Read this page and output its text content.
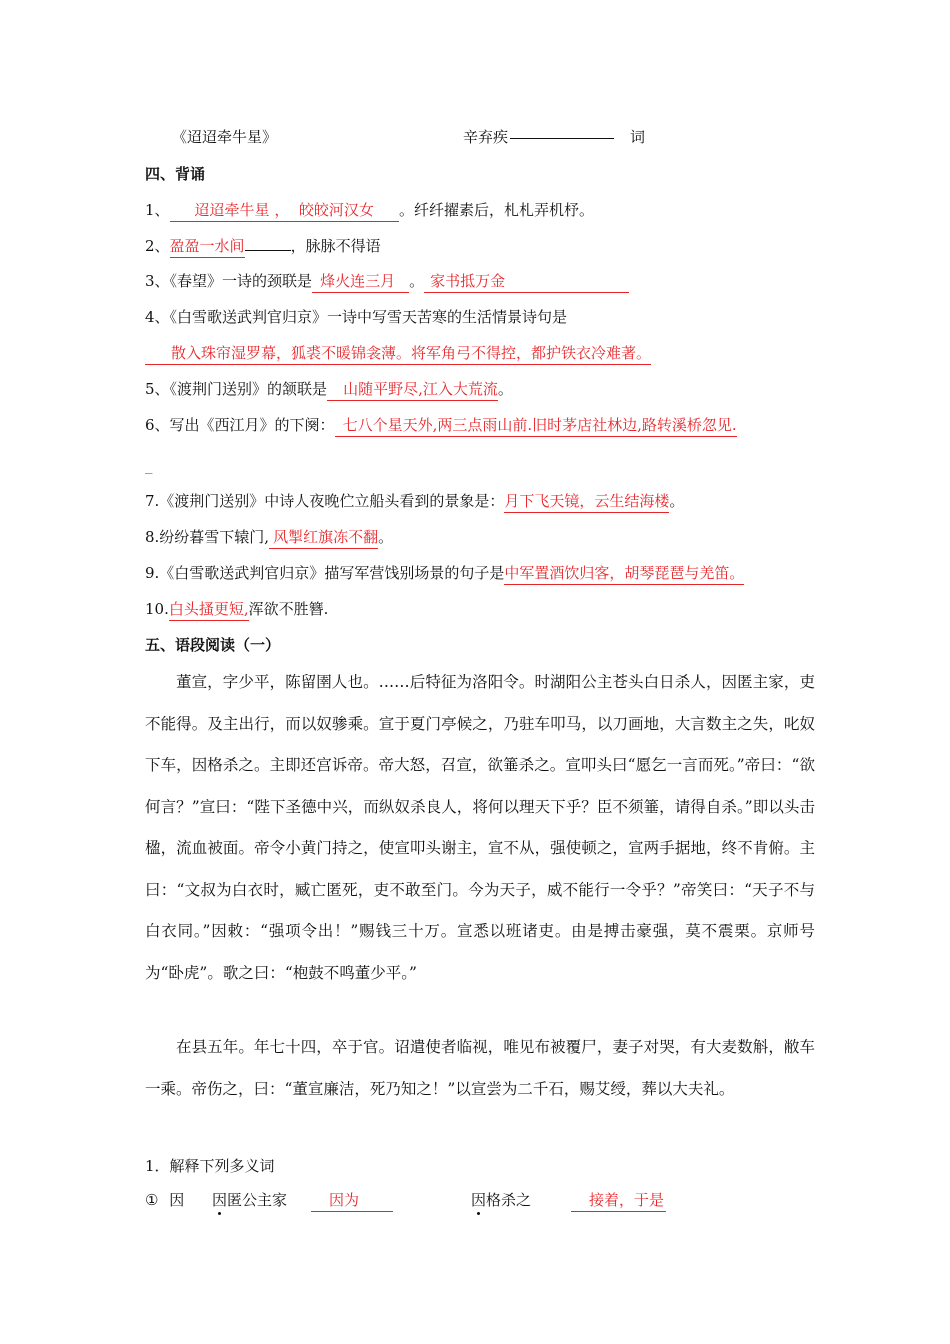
《迢迢牵牛星》	辛弃疾	词
四、背诵
1、 迢迢牵牛星 ， 皎皎河汉女 。纤纤擢素后，札札弄机杼。
2、盈盈一水间	，脉脉不得语
3、《春望》一诗的颈联是 烽火连三月 。 家书抵万金
4、《白雪歌送武判官归京》一诗中写雪天苦寒的生活情景诗句是
散入珠帘湿罗幕，狐裘不暖锦衾薄。将军角弓不得控，都护铁衣冷难著。
5、《渡荆门送别》的颔联是 山随平野尽,江入大荒流。
6、写出《西江月》的下阕： 七八个星天外,两三点雨山前.旧时茅店社林边,路转溪桥忽见.
_
7.《渡荆门送别》中诗人夜晚伫立船头看到的景象是：月下飞天镜，云生结海楼。
8.纷纷暮雪下辕门, 风掣红旗冻不翻。
9.《白雪歌送武判官归京》描写军营饯别场景的句子是中军置酒饮归客，胡琴琵琶与羌笛。
10.白头搔更短,浑欲不胜簪.
五、语段阅读（一）
董宣，字少平，陈留圉人也。……后特征为洛阳令。时湖阳公主苍头白日杀人，因匿主家，吏不能得。及主出行，而以奴骖乘。宣于夏门亭候之，乃驻车叩马，以刀画地，大言数主之失，叱奴下车，因格杀之。主即还宫诉帝。帝大怒，召宣，欲箠杀之。宣叩头曰“愿乞一言而死。”帝曰：“欲何言？”宣曰：“陛下圣德中兴，而纵奴杀良人，将何以理天下乎？臣不须箠，请得自杀。”即以头击楹，流血被面。帝令小黄门持之，使宣叩头谢主，宣不从，强使顿之，宣两手据地，终不肯俯。主曰：“文叔为白衣时，臧亡匿死，吏不敢至门。今为天子，威不能行一令乎？”帝笑曰：“天子不与白衣同。”因敕：“强项令出！”赐钱三十万。宣悉以班诸吏。由是搏击豪强，莫不震栗。京师号为“卧虎”。歌之曰：“枹鼓不鸣董少平。”
在县五年。年七十四，卒于官。诏遣使者临视，唯见布被覆尸，妻子对哭，有大麦数斛，敝车一乘。帝伤之，曰：“董宣廉洁，死乃知之！”以宣尝为二千石，赐艾绶，葬以大夫礼。
1．解释下列多义词
① 因 因匿公主家	因为	因格杀之	接着，于是
